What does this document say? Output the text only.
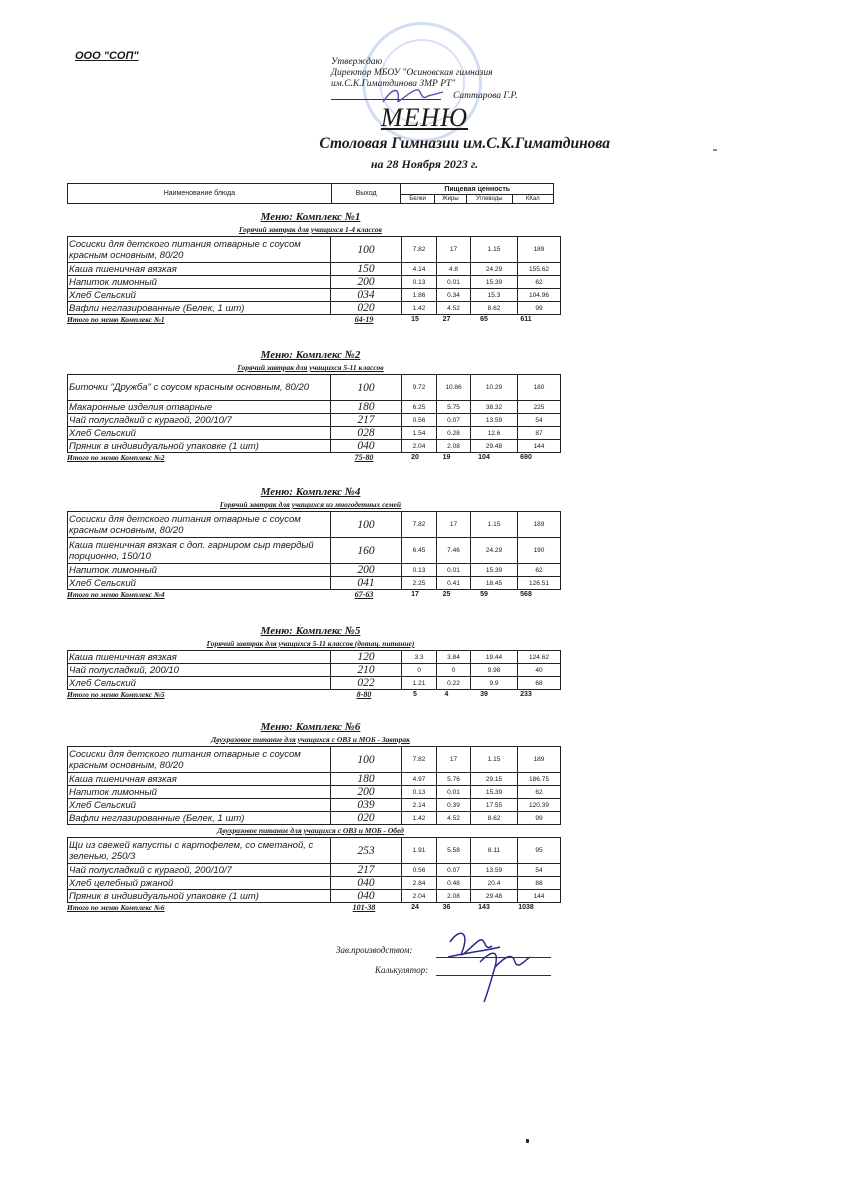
ООО "СОП"	Утверждаю
Директор МБОУ "Осиновская гимназия
им.С.К.Гиматдинова ЗМР РТ"
Саттарова Г.Р.
МЕНЮ
Столовая Гимназии им.С.К.Гиматдинова
на 28 Ноября 2023 г.
Наименование блюда	Выход	Пищевая ценность			
		Белки	Жиры	Углеводы	ККал
Меню: Комплекс №1
Горячий завтрак для учащихся 1-4 классов
Сосиски для детского питания отварные с соусом красным основным, 80/20	100	7.82	17	1.15	189
Каша пшеничная вязкая	150	4.14	4.8	24.29	155.62
Напиток лимонный	200	0.13	0.01	15.39	62
Хлеб Сельский	034	1.86	0.34	15.3	104.96
Вафли неглазированные (Белек, 1 шт)	020	1.42	4.52	8.62	99
Итого по меню Комплекс №1	64-19	15	27	65	611
Меню: Комплекс №2
Горячий завтрак для учащихся 5-11 классов
Биточки "Дружба" с соусом красным основным, 80/20	100	9.72	10.86	10.29	180
Макаронные изделия отварные	180	6.25	5.75	38.32	225
Чай полусладкий с курагой, 200/10/7	217	0.56	0.07	13.59	54
Хлеб Сельский	028	1.54	0.28	12.6	87
Пряник в индивидуальной упаковке (1 шт)	040	2.04	2.08	29.48	144
Итого по меню Комплекс №2	75-80	20	19	104	690
Меню: Комплекс №4
Горячий завтрак для учащихся из многодетных семей
Сосиски для детского питания отварные с соусом красным основным, 80/20	100	7.82	17	1.15	189
Каша пшеничная вязкая с доп. гарниром сыр твердый порционно, 150/10	160	6.45	7.46	24.29	190
Напиток лимонный	200	0.13	0.01	15.39	62
Хлеб Сельский	041	2.25	0.41	18.45	126.51
Итого по меню Комплекс №4	67-63	17	25	59	568
Меню: Комплекс №5
Горячий завтрак для учащихся 5-11 классов (дотац. питание)
Каша пшеничная вязкая	120	3.3	3.84	19.44	124.62
Чай полусладкий, 200/10	210	0	0	9.98	40
Хлеб Сельский	022	1.21	0.22	9.9	68
Итого по меню Комплекс №5	8-80	5	4	39	233
Меню: Комплекс №6
Двухразовое питание для учащихся с ОВЗ и МОБ - Завтрак
Сосиски для детского питания отварные с соусом красным основным, 80/20	100	7.82	17	1.15	189
Каша пшеничная вязкая	180	4.97	5.76	29.15	186.75
Напиток лимонный	200	0.13	0.01	15.39	62
Хлеб Сельский	039	2.14	0.39	17.55	120.39
Вафли неглазированные (Белек, 1 шт)	020	1.42	4.52	8.62	99
Двухразовое питание для учащихся с ОВЗ и МОБ - Обед
Щи из свежей капусты с картофелем, со сметаной, с зеленью, 250/3	253	1.91	5.58	8.11	95
Чай полусладкий с курагой, 200/10/7	217	0.56	0.07	13.59	54
Хлеб целебный ржаной	040	2.84	0.48	20.4	88
Пряник в индивидуальной упаковке (1 шт)	040	2.04	2.08	29.48	144
Итого по меню Комплекс №6	101-38	24	36	143	1038
Зав.производством:
Калькулятор:
